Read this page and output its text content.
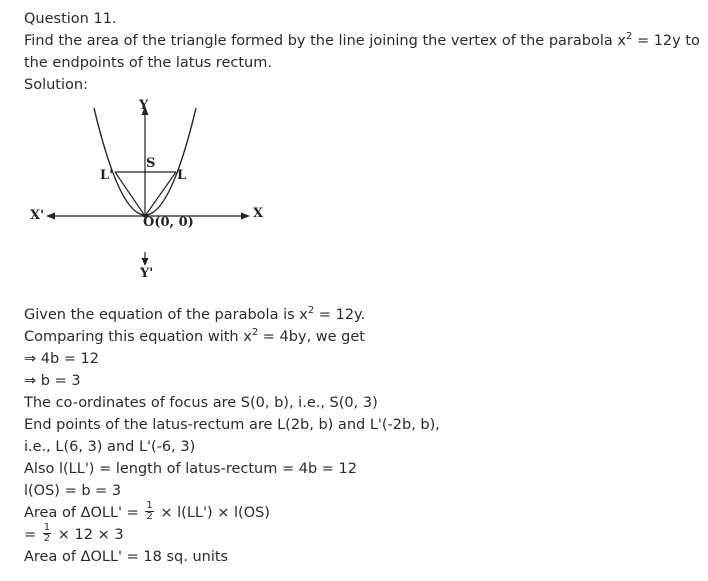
Question 11.
Find the area of the triangle formed by the line joining the vertex of the parabola $x^2 = 12y$ to the endpoints of the latus rectum.
Solution:
Y
S
L'	L
X'	X
O(0, 0)
Y'
Given the equation of the parabola is $x^2 = 12y$.
Comparing this equation with $x^2 = 4by$, we get
⇒ 4b = 12
⇒ b = 3
The co-ordinates of focus are S(0, b), i.e., S(0, 3)
End points of the latus-rectum are L(2b, b) and L'(-2b, b),
i.e., L(6, 3) and L'(-6, 3)
Also l(LL') = length of latus-rectum = 4b = 12
l(OS) = b = 3
Area of $\Delta OLL' = \frac{1}{2} \times l(LL') \times l(OS)$
= $\frac{1}{2} \times 12 \times 3$
Area of ΔOLL' = 18 sq. units
